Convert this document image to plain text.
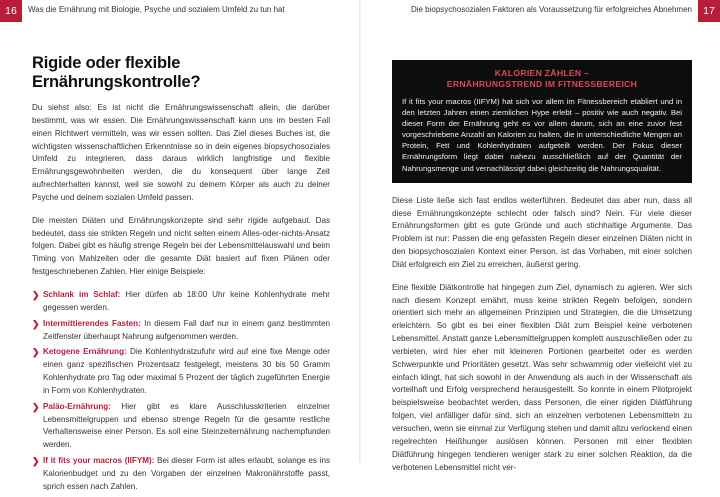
16	Was die Ernährung mit Biologie, Psyche und sozialem Umfeld zu tun hat	Die biopsychosozialen Faktoren als Voraussetzung für erfolgreiches Abnehmen	17
Rigide oder flexible Ernährungskontrolle?

Du siehst also: Es ist nicht die Ernährungswissenschaft allein, die darüber bestimmt, was wir essen. Die Ernährungswissenschaft kann uns im besten Fall einen Richtwert vermitteln, was wir essen sollten. Das Ziel dieses Buches ist, die wichtigsten wissenschaftlichen Erkenntnisse so in dein eigenes biopsychosoziales Umfeld zu integrieren, dass daraus wirklich langfristige und flexible Ernährungsgewohnheiten werden, die du konsequent über lange Zeit aufrechterhalten kannst, weil sie sowohl zu deinem Körper als auch zu deiner Psyche und deinem sozialen Umfeld passen.

Die meisten Diäten und Ernährungskonzepte sind sehr rigide aufgebaut. Das bedeutet, dass sie strikten Regeln und nicht selten einem Alles-oder-nichts-Ansatz folgen. Dabei gibt es häufig strenge Regeln bei der Lebensmittelauswahl und beim Timing von Mahlzeiten oder die gesamte Diät basiert auf fixen Plänen oder festgeschriebenen Zahlen. Hier einige Beispiele:

❯ Schlank im Schlaf: Hier dürfen ab 18:00 Uhr keine Kohlenhydrate mehr gegessen werden.
❯ Intermittierendes Fasten: In diesem Fall darf nur in einem ganz bestimmten Zeitfenster überhaupt Nahrung aufgenommen werden.
❯ Ketogene Ernährung: Die Kohlenhydratzufuhr wird auf eine fixe Menge oder einen ganz spezifischen Prozentsatz festgelegt, meistens 30 bis 50 Gramm Kohlenhydrate pro Tag oder maximal 5 Prozent der täglich zugeführten Energie in Form von Kohlenhydraten.
❯ Paläo-Ernährung: Hier gibt es klare Ausschlusskriterien einzelner Lebensmittelgruppen und ebenso strenge Regeln für die gesamte restliche Verhaltensweise einer Person. Es soll eine Steinzeiternährung nachempfunden werden.
❯ If it fits your macros (IIFYM): Bei dieser Form ist alles erlaubt, solange es ins Kalorienbudget und zu den Vorgaben der einzelnen Makronährstoffe passt, sprich essen nach Zahlen.
KALORIEN ZÄHLEN –
ERNÄHRUNGSTREND IM FITNESSBEREICH
If it fits your macros (IIFYM) hat sich vor allem im Fitnessbereich etabliert und in den letzten Jahren einen ziemlichen Hype erlebt – positiv wie auch negativ. Bei dieser Form der Ernährung geht es vor allem darum, sich an eine zuvor fest vorgeschriebene Anzahl an Kalorien zu halten, die in unterschiedliche Mengen an Protein, Fett und Kohlenhydraten aufgeteilt werden. Der Fokus dieser Ernährungsform liegt dabei nahezu ausschließlich auf der Quantität der Nahrungsmenge und vernachlässigt dabei gleichzeitig die Nahrungsqualität.

Diese Liste ließe sich fast endlos weiterführen. Bedeutet das aber nun, dass all diese Ernährungskonzepte schlecht oder falsch sind? Nein. Für viele dieser Ernährungsformen gibt es gute Gründe und auch stichhaltige Argumente. Das Problem ist nur: Passen die eng gefassten Regeln dieser einzelnen Diäten nicht in den biopsychosozialen Kontext einer Person, ist das Vorhaben, mit einer solchen Diät erfolgreich ein Ziel zu erreichen, äußerst gering.

Eine flexible Diätkontrolle hat hingegen zum Ziel, dynamisch zu agieren. Wer sich nach diesem Konzept ernährt, muss keine strikten Regeln befolgen, sondern orientiert sich mehr an allgemeinen Prinzipien und Strategien, die die Umsetzung erleichtern. So gibt es bei einer flexiblen Diät zum Beispiel keine verbotenen Lebensmittel. Anstatt ganze Lebensmittelgruppen komplett auszuschließen oder zu verbieten, wird hier eher mit kleineren Portionen gearbeitet oder es werden Schwerpunkte und Prioritäten gesetzt. Was sehr schwammig oder vielleicht viel zu einfach klingt, hat sich sowohl in der Anwendung als auch in der Wissenschaft als vorteilhaft und Erfolg versprechend herausgestellt. So konnte in einem Pilotprojekt beispielsweise beobachtet werden, dass Personen, die einer rigiden Diätführung folgen, viel anfälliger dafür sind, sich an einzelnen verbotenen Lebensmitteln zu versuchen, wenn sie einmal zur Verfügung stehen und damit allzu verlockend einen regelrechten Heißhunger auslösen können. Personen mit einer flexiblen Diätführung hingegen tendieren weniger stark zu einer solchen Reaktion, da die verbotenen Lebensmittel nicht ver-
